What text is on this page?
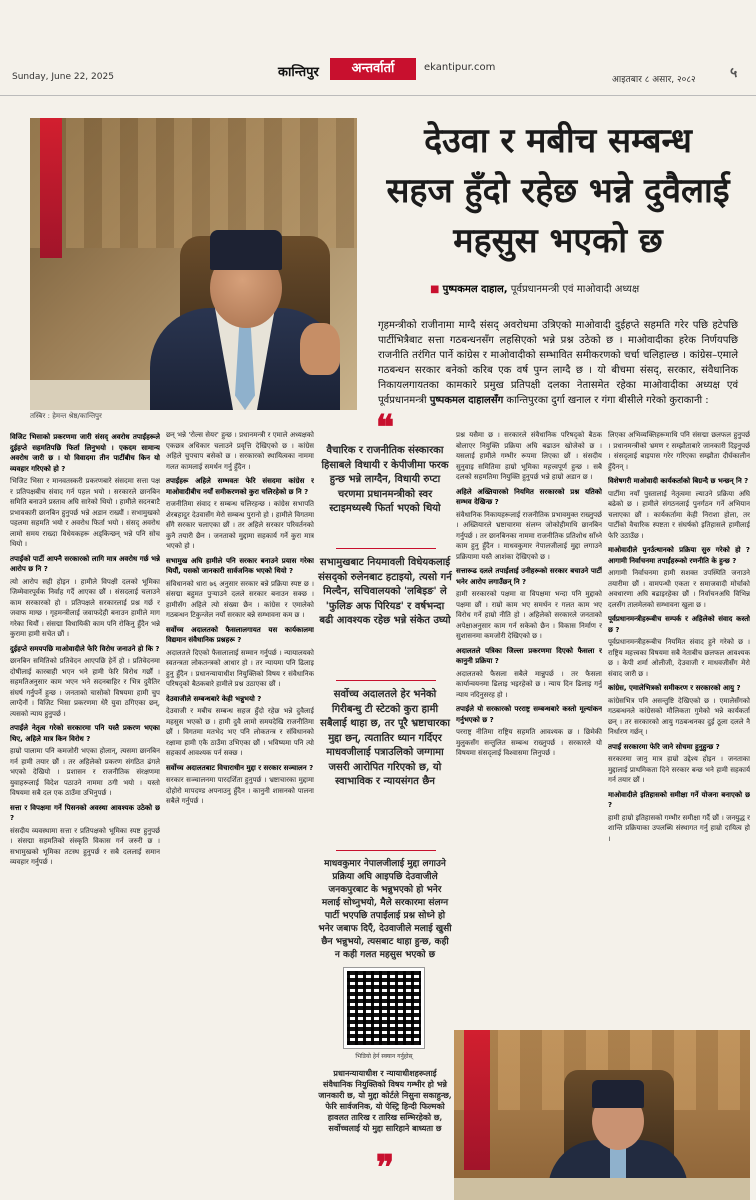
Sunday, June 22, 2025	कान्तिपुर	अन्तर्वार्ता	ekantipur.com
आइतबार ८ असार, २०८२ ५
तस्बिर : हेमन्त श्रेष्ठ/कान्तिपुर
देउवा र मबीच सम्बन्ध
सहज हुँदो रहेछ भन्ने दुवैलाई
महसुस भएको छ
■ पुष्पकमल दाहाल, पूर्वप्रधानमन्त्री एवं माओवादी अध्यक्ष
गृहमन्त्रीको राजीनामा माग्दै संसद् अवरोधमा उत्रिएको माओवादी दुईहप्ते सहमति गरेर पछि हटेपछि पार्टीभित्रैबाट सत्ता गठबन्धनसँग लहसिएको भन्ने प्रश्न उठेको छ । माओवादीका हरेक निर्णयपछि राजनीति तरंगित पार्ने कांग्रेस र माओवादीको सम्भावित समीकरणको चर्चा चलिहाल्छ । कांग्रेस–एमाले गठबन्धन सरकार बनेको करिब एक वर्ष पुग्न लाग्दै छ । यो बीचमा संसद्, सरकार, संवैधानिक निकायलगायतका कामकारे प्रमुख प्रतिपक्षी दलका नेतासमेत रहेका माओवादीका अध्यक्ष एवं पूर्वप्रधानमन्त्री पुष्पकमल दाहालसँग कान्तिपुरका दुर्गा खनाल र गंगा बीसीले गरेको कुराकानी :
विजिट भिसाको प्रकरणमा जारी संसद् अवरोध तपाईंहरूले दुईहप्ते सहमतिपछि फिर्ता लिनुभयो । एकदम सामान्य अवरोध जारी छ । यो विवादमा तीन पार्टीबीच किन यो व्यवहार गरिएको हो ?
भिजिट भिसा र मानवतस्करी प्रकरणबारे संसदमा सत्ता पक्ष र प्रतिपक्षबीच संवाद गर्न पहल भयो । सरकारले छानबिन समिति बनाउने प्रस्ताव अघि सारेको थियो । हामीले सदनबाटै प्रभावकारी छानबिन हुनुपर्छ भन्ने अडान राख्यौं । सभामुखको पहलमा सहमति भयो र अवरोध फिर्ता भयो । संसद् अवरोध लामो समय राख्दा विधेयकहरू अड्किन्छन् भन्ने पनि सोच थियो ।
तपाईंको पार्टी आफ्नै सरकारको लागि मात्र अवरोध गर्छ भन्ने आरोप छ नि ?
त्यो आरोप सही होइन । हामीले विपक्षी दलको भूमिका जिम्मेवारपूर्वक निर्वाह गर्दै आएका छौं । संसदलाई चलाउने काम सरकारको हो । प्रतिपक्षले सरकारलाई प्रश्न गर्छ र जवाफ माग्छ । गृहमन्त्रीलाई जवाफदेही बनाउन हामीले माग गरेका थियौं । संसद्मा विधायिकी काम पनि रोकिनु हुँदैन भन्ने कुरामा हामी सचेत छौं ।
दुईहप्ते समयपछि माओवादीले फेरि विरोध जनाउने हो कि ?
छानबिन समितिको प्रतिवेदन आएपछि हेर्ने हो । प्रतिवेदनमा दोषीलाई कारबाही भएन भने हामी फेरि विरोध गर्छौं । सहमतिअनुसार काम भएन भने सदनबाहिर र भित्र दुवैतिर संघर्ष गर्नुपर्ने हुन्छ । जनताको चासोको विषयमा हामी चुप लाग्दैनौं । विजिट भिसा प्रकरणमा धेरै युवा ठगिएका छन्, त्यसको न्याय हुनुपर्छ ।
तपाईंले नेतृत्व गरेको सरकारमा पनि यस्तै प्रकरण भएका थिए, अहिले मात्र किन विरोध ?
हाम्रो पालामा पनि कमजोरी भएका होलान्, त्यसमा छानबिन गर्न हामी तयार छौं । तर अहिलेको प्रकरण संगठित ढंगले भएको देखियो । प्रशासन र राजनीतिक संरक्षणमा युवाहरूलाई विदेश पठाउने नाममा ठगी भयो । यस्तो विषयमा सबै दल एक ठाउँमा उभिनुपर्छ ।
सत्ता र विपक्षमा गर्ने पिसनको अवस्था आवश्यक उठेको छ ?
संसदीय व्यवस्थामा सत्ता र प्रतिपक्षको भूमिका स्पष्ट हुनुपर्छ । संसद्मा सहमतिको संस्कृति विकास गर्न जरुरी छ । सभामुखको भूमिका तटस्थ हुनुपर्छ र सबै दललाई समान व्यवहार गर्नुपर्छ ।
छन् भन्ने 'रोल्स सेयर' हुन्छ । प्रधानमन्त्री र एमाले अध्यक्षको एकछत्र अधिकार चलाउने प्रवृत्ति देखिएको छ । कांग्रेस अहिले चुपचाप बसेको छ । सरकारको स्थायित्वका नाममा गलत कामलाई समर्थन गर्नु हुँदैन ।
तपाईंहरू अहिले सम्भवतः फेरि संसदमा कांग्रेस र माओवादीबीच नयाँ समीकरणको कुरा चलिरहेको छ नि ?
राजनीतिमा संवाद र सम्बन्ध चलिरहन्छ । कांग्रेस सभापति शेरबहादुर देउवासँग मेरो सम्बन्ध पुरानो हो । हामीले विगतमा सँगै सरकार चलाएका छौं । तर अहिले सरकार परिवर्तनको कुनै तयारी छैन । जनताको मुद्दामा सहकार्य गर्ने कुरा मात्र भएको हो ।
सभामुख अघि हामीले पनि सरकार बनाउने प्रयास गरेका थियौं, यसको जानकारी सार्वजनिक भएको थियो ?
संविधानको धारा ७६ अनुसार सरकार बन्ने प्रक्रिया स्पष्ट छ । संसद्मा बहुमत पुर्‍याउने दलले सरकार बनाउन सक्छ । हामीसँग अहिले त्यो संख्या छैन । कांग्रेस र एमालेको गठबन्धन टिकुन्जेल नयाँ सरकार बन्ने सम्भावना कम छ ।
सर्वोच्च अदालतको फैसलालगायत यस कार्यकालमा विद्यमान संवैधानिक प्रश्नहरू ?
अदालतले दिएको फैसलालाई सम्मान गर्नुपर्छ । न्यायालयको स्वतन्त्रता लोकतन्त्रको आधार हो । तर न्यायमा पनि ढिलाइ हुनु हुँदैन । प्रधानन्यायाधीश नियुक्तिको विषय र संवैधानिक परिषद्को बैठकबारे हामीले प्रश्न उठाएका छौं ।
देउवाजीले सम्बन्धबारे केही भन्नुभयो ?
देउवाजी र मबीच सम्बन्ध सहज हुँदो रहेछ भन्ने दुवैलाई महसुस भएको छ । हामी दुवै लामो समयदेखि राजनीतिमा छौं । विगतमा मतभेद भए पनि लोकतन्त्र र संविधानको रक्षामा हामी एकै ठाउँमा उभिएका छौं । भविष्यमा पनि त्यो सहकार्य आवश्यक पर्न सक्छ ।
सर्वोच्च अदालतबाट विचाराधीन मुद्दा र सरकार सञ्चालन ?
सरकार सञ्चालनमा पारदर्शिता हुनुपर्छ । भ्रष्टाचारका मुद्दामा दोहोरो मापदण्ड अपनाउनु हुँदैन । कानुनी शासनको पालना सबैले गर्नुपर्छ ।
❝
वैचारिक र राजनीतिक संस्कारका हिसाबले विधायी र केपीजीमा फरक हुन्छ भन्ने लाग्दैन, विधायी रुप्टा चरणमा प्रधानमन्त्रीको स्वर स्टाइमध्यस्थै फिर्ता भएको थियो
सभामुखबाट नियमावली विधेयकलाई संसद्को रुलेनबाट हटाइयो, त्यसो गर्न मिल्दैन, सचिवालयको 'लबिइङ' ले 'फुलिङ अफ पिरियड' र वर्षभन्दा बढी आवश्यक रहेछ भन्ने संकेत उघ्यो
सर्वोच्च अदालतले हेर भनेको गिरीबन्धु टी स्टेटको कुरा हामी सबैलाई थाहा छ, तर पूरै भ्रष्टाचारका मुद्दा छन्, त्यतातिर ध्यान गर्दिएर माधवजीलाई पत्राउलिको जग्गामा जसरी आरोपित गरिएको छ, यो स्वाभाविक र न्यायसंगत छैन
माधवकुमार नेपालजीलाई मुद्दा लगाउने प्रक्रिया अघि आइपछि देउवाजीले जनकपुरबाट के भन्नुभएको हो भनेर मलाई सोध्नुभयो, मैले सरकारमा संलग्न पार्टी भएपछि तपाईंलाई प्रश्न सोध्ने हो भनेर जबाफ दिएँ, देउवाजीले मलाई खुसी छैन भन्नुभयो, त्यसबाट थाहा हुन्छ, कही न कही गलत महसुस भएको छ
प्रश्न यसैमा छ । सरकारले संवैधानिक परिषद्को बैठक बोलाएर नियुक्ति प्रक्रिया अघि बढाउन खोजेको छ । यसलाई हामीले गम्भीर रूपमा लिएका छौं । संसदीय सुनुवाइ समितिमा हाम्रो भूमिका महत्त्वपूर्ण हुन्छ । सबै दलको सहमतिमा नियुक्ति हुनुपर्छ भन्ने हाम्रो अडान छ ।
अहिले अख्तियारको नियमित सरकारको प्रश्न यतिको सम्भव देखिन्छ ?
संवैधानिक निकायहरूलाई राजनीतिक प्रभावमुक्त राख्नुपर्छ । अख्तियारले भ्रष्टाचारमा संलग्न जोकोहीमाथि छानबिन गर्नुपर्छ । तर छानबिनका नाममा राजनीतिक प्रतिशोध साँध्ने काम हुनु हुँदैन । माधवकुमार नेपालजीलाई मुद्दा लगाउने प्रक्रियामा यस्तै आशंका देखिएको छ ।
सत्तारूढ दलले तपाईंलाई उनीहरूको सरकार बचाउने पार्टी भनेर आरोप लगाउँछन् नि ?
हामी सरकारको पक्षमा वा विपक्षमा भन्दा पनि मुद्दाको पक्षमा छौं । राम्रो काम भए समर्थन र गलत काम भए विरोध गर्ने हाम्रो नीति हो । अहिलेको सरकारले जनताको अपेक्षाअनुसार काम गर्न सकेको छैन । विकास निर्माण र सुशासनमा कमजोरी देखिएको छ ।
अदालतले पत्रिका जिल्ला प्रकरणमा दिएको फैसला र कानुनी प्रक्रिया ?
अदालतको फैसला सबैले मान्नुपर्छ । तर फैसला कार्यान्वयनमा ढिलाइ भइरहेको छ । न्याय दिन ढिलाइ गर्नु न्याय नदिनुसरह हो ।
तपाईंले यो सरकारको परराष्ट्र सम्बन्धबारे कस्तो मूल्यांकन गर्नुभएको छ ?
परराष्ट्र नीतिमा राष्ट्रिय सहमति आवश्यक छ । छिमेकी मुलुकसँग सन्तुलित सम्बन्ध राख्नुपर्छ । सरकारले यो विषयमा संसद्लाई विश्वासमा लिनुपर्छ ।
लिएका अभिव्यक्तिहरूमाथि पनि संसद्मा छलफल हुनुपर्छ । प्रधानमन्त्रीको भ्रमण र सम्झौताबारे जानकारी दिइनुपर्छ । संसद्लाई बाइपास गरेर गरिएका सम्झौता दीर्घकालीन हुँदैनन् ।
विशेषगरी माओवादी कार्यकर्ताको बिग्रन्दै छ भन्छन् नि ?
पार्टीमा नयाँ पुस्तालाई नेतृत्वमा ल्याउने प्रक्रिया अघि बढेको छ । हामीले संगठनलाई पुनर्गठन गर्ने अभियान चलाएका छौं । कार्यकर्तामा केही निराशा होला, तर पार्टीको वैचारिक स्पष्टता र संघर्षको इतिहासले हामीलाई फेरि उठाउँछ ।
माओवादीले पुनर्उत्थानको प्रक्रिया सुरु गरेको हो ? आगामी निर्वाचनमा तपाईंहरूको रणनीति के हुन्छ ?
आगामी निर्वाचनमा हामी सशक्त उपस्थिति जनाउने तयारीमा छौं । वामपन्थी एकता र समाजवादी मोर्चाको अवधारणा अघि बढाइरहेका छौं । निर्वाचनअघि विभिन्न दलसँग तालमेलको सम्भावना खुला छ ।
पूर्वप्रधानमन्त्रीहरूबीच सम्पर्क र अहिलेको संवाद कस्तो छ ?
पूर्वप्रधानमन्त्रीहरूबीच नियमित संवाद हुने गरेको छ । राष्ट्रिय महत्त्वका विषयमा सबै नेताबीच छलफल आवश्यक छ । केपी शर्मा ओलीजी, देउवाजी र माधवजीसँग मेरो संवाद जारी छ ।
कांग्रेस, एमालेभित्रको समीकरण र सरकारको आयु ?
कांग्रेसभित्र पनि असन्तुष्टि देखिएको छ । एमालेसँगको गठबन्धनले कांग्रेसको मौलिकता गुमेको भन्ने कार्यकर्ता छन् । तर सरकारको आयु गठबन्धनका दुई ठूला दलले नै निर्धारण गर्छन् ।
तपाईं सरकारमा फेरि जाने सोचमा हुनुहुन्छ ?
सरकारमा जानु मात्र हाम्रो उद्देश्य होइन । जनताका मुद्दालाई प्राथमिकता दिने सरकार बन्छ भने हामी सहकार्य गर्न तयार छौं ।
माओवादीले इतिहासको समीक्षा गर्ने योजना बनाएको छ ?
हामी हाम्रो इतिहासको गम्भीर समीक्षा गर्दै छौं । जनयुद्ध र शान्ति प्रक्रियाका उपलब्धि संस्थागत गर्नु हाम्रो दायित्व हो ।
भिडियो हेर्न स्क्यान गर्नुहोस्
प्रधानन्यायाधीश र न्यायाधीशहरूलाई संवैधानिक नियुक्तिको विषय गम्भीर हो भन्ने जानकारी छ, यो मुद्दा कोर्टले निसुना सकाहुन्छ, फेरि सार्वजनिक, यो पेस्ट्रि हिन्दी फिल्मको हावलत तारिख र तारिख सम्भिरहेको छ, सर्वोच्चलाई यो मुद्दा सारिहाने बाध्यता छ
❞
